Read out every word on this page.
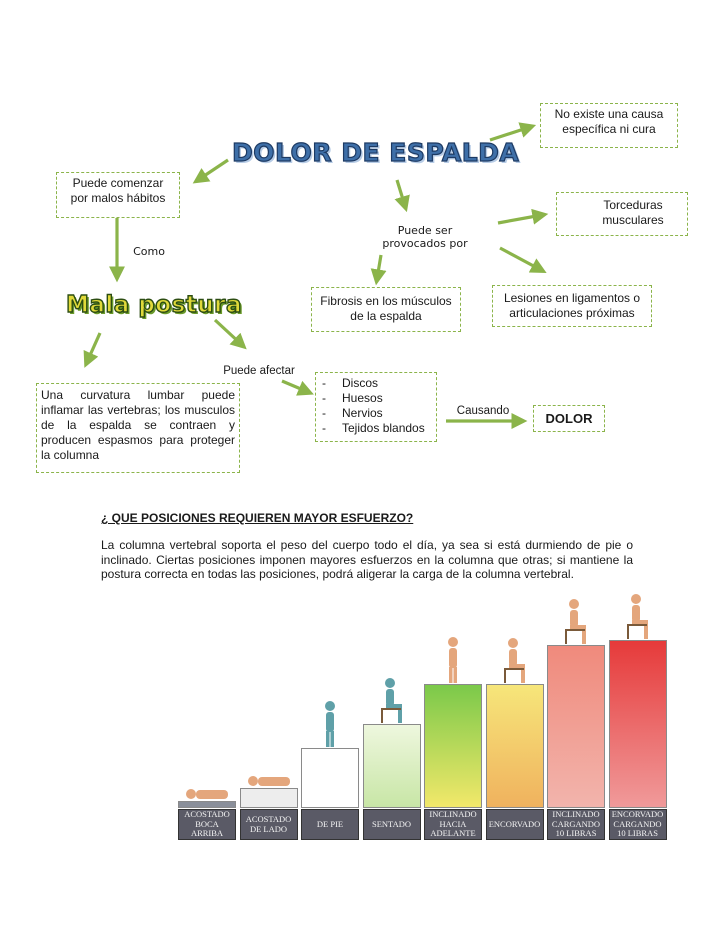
DOLOR DE ESPALDA
No existe una causa específica ni cura
Puede comenzar por malos hábitos	Torceduras musculares
Puede ser provocados por
Como
Mala postura	Fibrosis en los músculos de la espalda
Lesiones en ligamentos o articulaciones próximas
Puede afectar
Una curvatura lumbar puede inflamar las vertebras; los musculos de la espalda se contraen y producen espasmos para proteger la columna
- Discos
- Huesos
- Nervios
- Tejidos blandos
Causando	DOLOR
¿ QUE POSICIONES REQUIEREN MAYOR ESFUERZO?
La columna vertebral soporta el peso del cuerpo todo el día, ya sea si está durmiendo de pie o inclinado. Ciertas posiciones imponen mayores esfuerzos en la columna que otras; si mantiene la postura correcta en todas las posiciones, podrá aligerar la carga de la columna vertebral.
ACOSTADO BOCA ARRIBA
ACOSTADO DE LADO	DE PIE	SENTADO
INCLINADO HACIA ADELANTE
ENCORVADO
INCLINADO CARGANDO 10 LIBRAS
ENCORVADO CARGANDO 10 LIBRAS
